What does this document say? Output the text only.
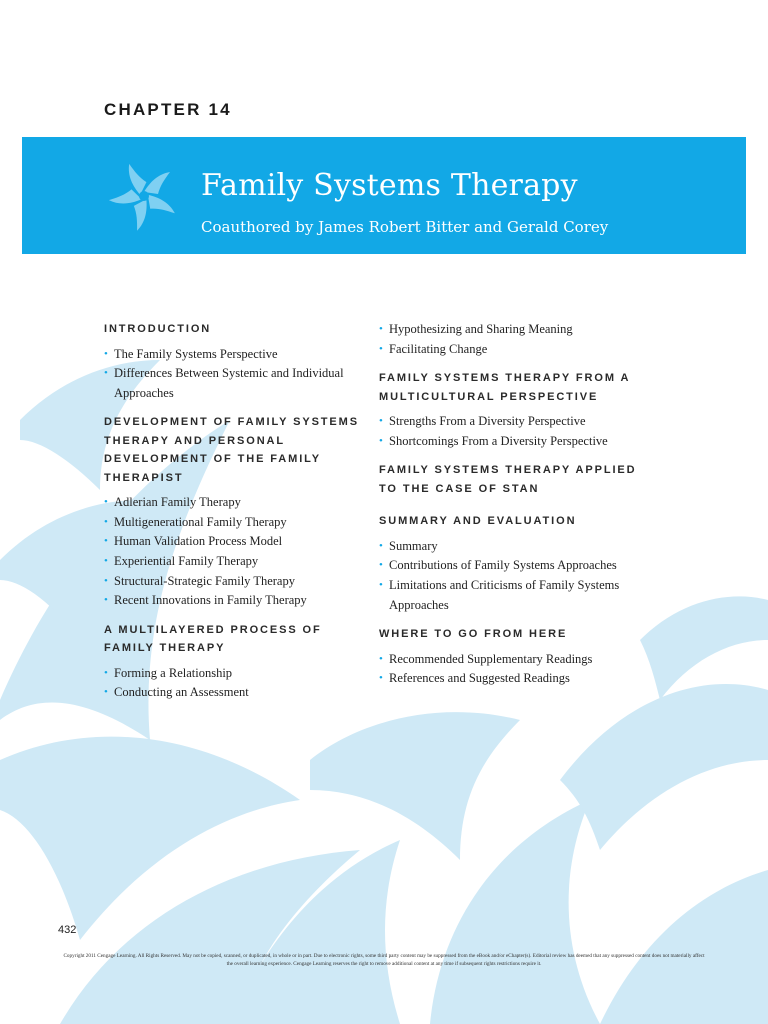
CHAPTER 14
Family Systems Therapy
Coauthored by James Robert Bitter and Gerald Corey
INTRODUCTION
• The Family Systems Perspective
• Differences Between Systemic and Individual Approaches
DEVELOPMENT OF FAMILY SYSTEMS THERAPY AND PERSONAL DEVELOPMENT OF THE FAMILY THERAPIST
• Adlerian Family Therapy
• Multigenerational Family Therapy
• Human Validation Process Model
• Experiential Family Therapy
• Structural-Strategic Family Therapy
• Recent Innovations in Family Therapy
A MULTILAYERED PROCESS OF FAMILY THERAPY
• Forming a Relationship
• Conducting an Assessment
• Hypothesizing and Sharing Meaning
• Facilitating Change
FAMILY SYSTEMS THERAPY FROM A MULTICULTURAL PERSPECTIVE
• Strengths From a Diversity Perspective
• Shortcomings From a Diversity Perspective
FAMILY SYSTEMS THERAPY APPLIED TO THE CASE OF STAN
SUMMARY AND EVALUATION
• Summary
• Contributions of Family Systems Approaches
• Limitations and Criticisms of Family Systems Approaches
WHERE TO GO FROM HERE
• Recommended Supplementary Readings
• References and Suggested Readings
432
Copyright 2011 Cengage Learning. All Rights Reserved. May not be copied, scanned, or duplicated, in whole or in part. Due to electronic rights, some third party content may be suppressed from the eBook and/or eChapter(s). Editorial review has deemed that any suppressed content does not materially affect the overall learning experience. Cengage Learning reserves the right to remove additional content at any time if subsequent rights restrictions require it.
